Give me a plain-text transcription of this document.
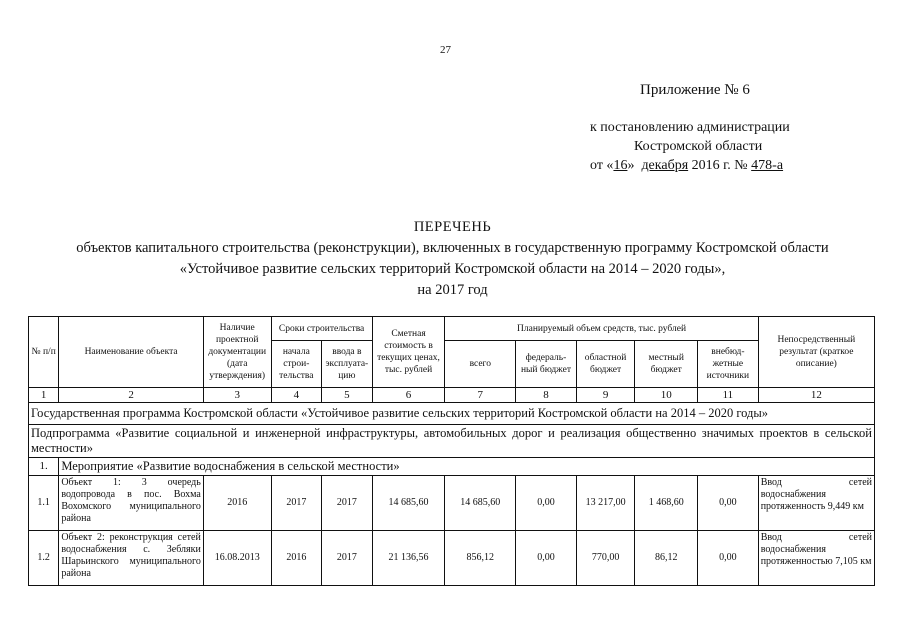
27
Приложение № 6
к постановлению администрации
Костромской области
от «16» декабря 2016 г. № 478-а
ПЕРЕЧЕНЬ
объектов капитального строительства (реконструкции), включенных в государственную программу Костромской области
«Устойчивое развитие сельских территорий Костромской области на 2014 – 2020 годы»,
на 2017 год
№ п/п	Наименование объекта	Наличие проектной документации (дата утверждения)	Сроки строительства		Сметная стоимость в текущих ценах, тыс. рублей	Планируемый объем средств, тыс. рублей					Непосредственный результат (краткое описание)
			начала строи-тельства	ввода в эксплуата-цию		всего	федераль-ный бюджет	областной бюджет	местный бюджет	внебюд-жетные источники	
1	2	3	4	5	6	7	8	9	10	11	12
Государственная программа Костромской области «Устойчивое развитие сельских территорий Костромской области на 2014 – 2020 годы»											
Подпрограмма «Развитие социальной и инженерной инфраструктуры, автомобильных дорог и реализация общественно значимых проектов в сельской местности»											
1.	Мероприятие «Развитие водоснабжения в сельской местности»										
1.1	Объект 1: 3 очередь водопровода в пос. Вохма Вохомского муниципального района	2016	2017	2017	14 685,60	14 685,60	0,00	13 217,00	1 468,60	0,00	Ввод сетей водоснабжения протяженность 9,449 км
1.2	Объект 2: реконструкция сетей водоснабжения с. Зебляки Шарьинского муниципального района	16.08.2013	2016	2017	21 136,56	856,12	0,00	770,00	86,12	0,00	Ввод сетей водоснабжения протяженностью 7,105 км
